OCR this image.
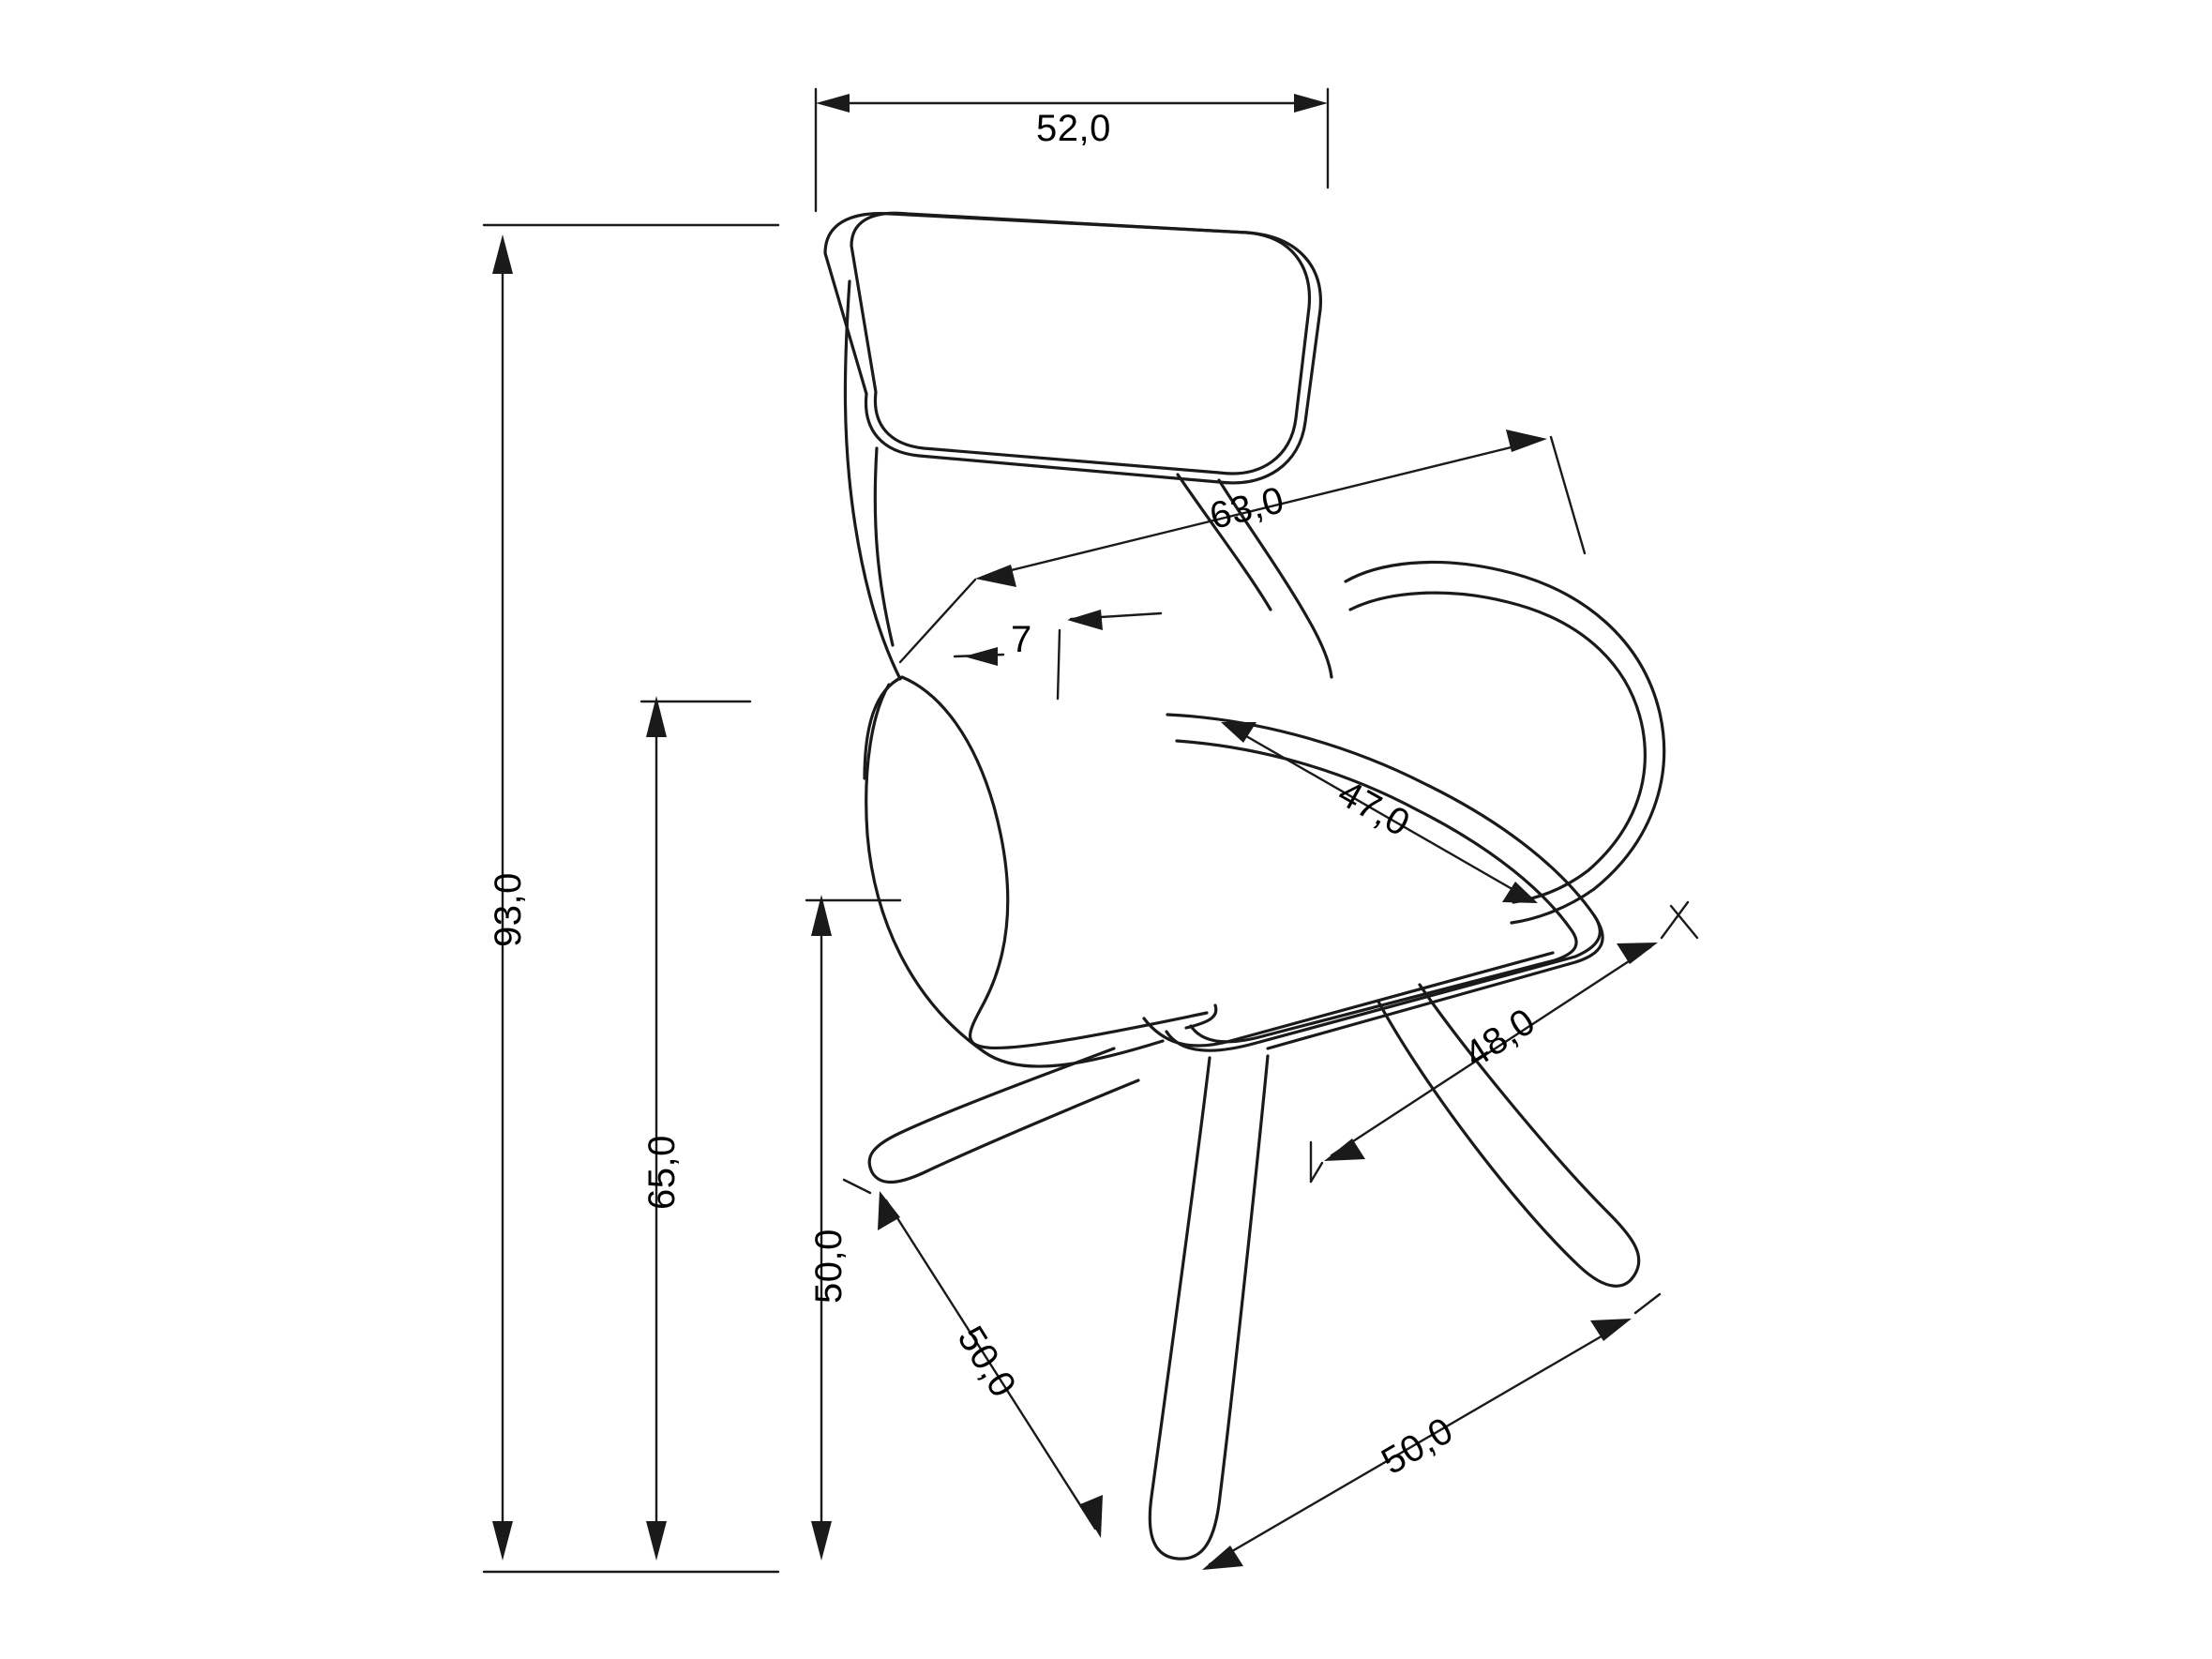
52,0
63,0
7
47,0
48,0
93,0
65,0
50,0
50,0
50,0
